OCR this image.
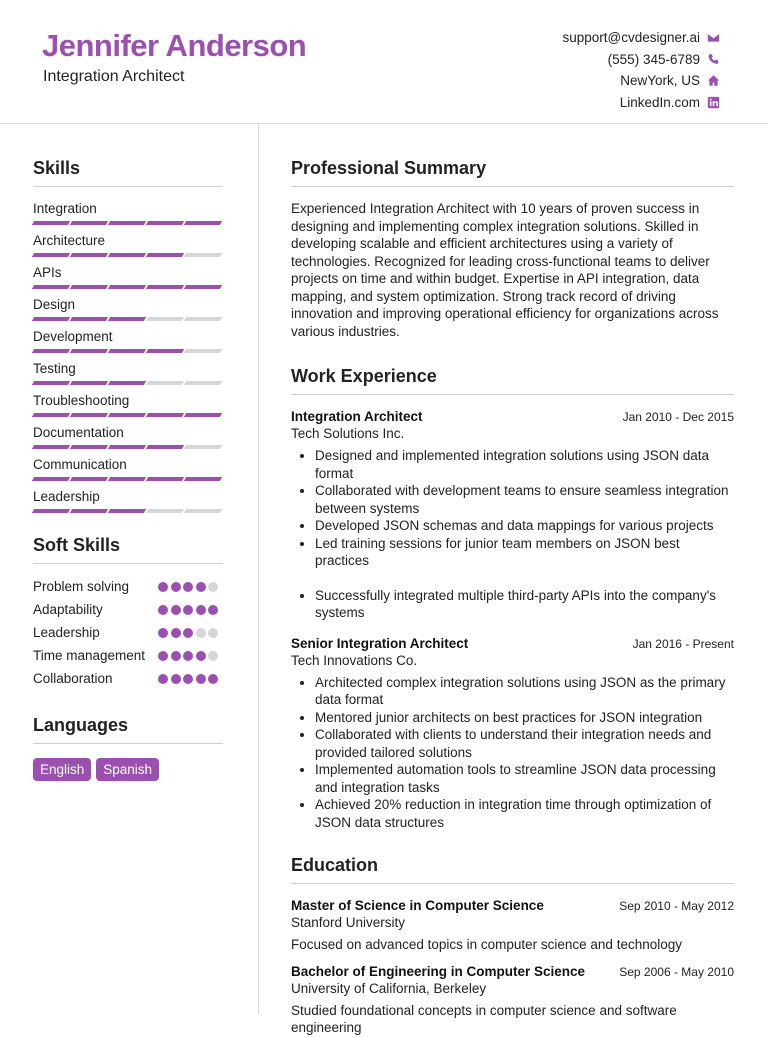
Jennifer Anderson
Integration Architect
support@cvdesigner.ai
(555) 345-6789
NewYork, US
LinkedIn.com
Skills
Integration
Architecture
APIs
Design
Development
Testing
Troubleshooting
Documentation
Communication
Leadership
Soft Skills
Problem solving
Adaptability
Leadership
Time management
Collaboration
Languages
English	Spanish
Professional Summary
Experienced Integration Architect with 10 years of proven success in designing and implementing complex integration solutions. Skilled in developing scalable and efficient architectures using a variety of technologies. Recognized for leading cross-functional teams to deliver projects on time and within budget. Expertise in API integration, data mapping, and system optimization. Strong track record of driving innovation and improving operational efficiency for organizations across various industries.
Work Experience
Integration Architect	Jan 2010 - Dec 2015
Tech Solutions Inc.
• Designed and implemented integration solutions using JSON data format
• Collaborated with development teams to ensure seamless integration between systems
• Developed JSON schemas and data mappings for various projects
• Led training sessions for junior team members on JSON best practices
• Successfully integrated multiple third-party APIs into the company's systems
Senior Integration Architect	Jan 2016 - Present
Tech Innovations Co.
• Architected complex integration solutions using JSON as the primary data format
• Mentored junior architects on best practices for JSON integration
• Collaborated with clients to understand their integration needs and provided tailored solutions
• Implemented automation tools to streamline JSON data processing and integration tasks
• Achieved 20% reduction in integration time through optimization of JSON data structures
Education
Master of Science in Computer Science	Sep 2010 - May 2012
Stanford University
Focused on advanced topics in computer science and technology
Bachelor of Engineering in Computer Science	Sep 2006 - May 2010
University of California, Berkeley
Studied foundational concepts in computer science and software engineering
